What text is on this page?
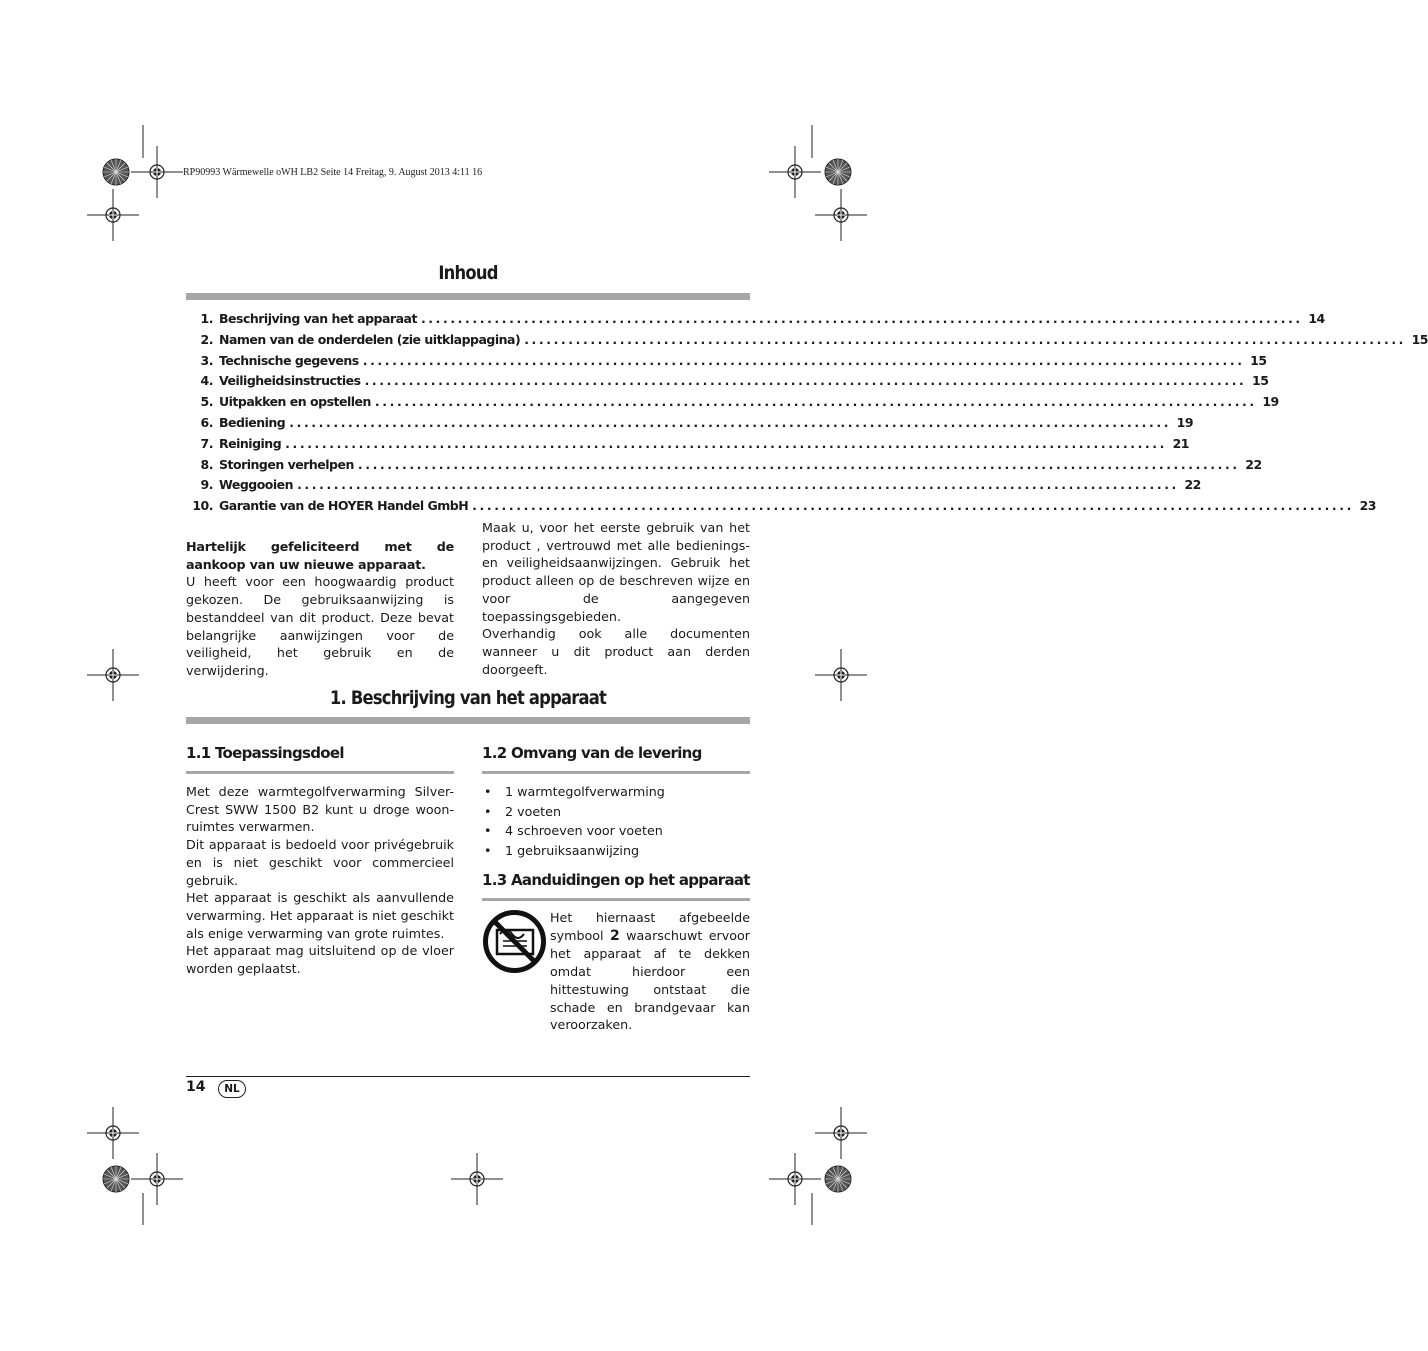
RP90993 Wärmewelle oWH LB2 Seite 14 Freitag, 9. August 2013 4:11 16
Inhoud
1. Beschrijving van het apparaat ........................................................................................................................ 14
2. Namen van de onderdelen (zie uitklappagina) ........................................................................................................................ 15
3. Technische gegevens ........................................................................................................................ 15
4. Veiligheidsinstructies ........................................................................................................................ 15
5. Uitpakken en opstellen ........................................................................................................................ 19
6. Bediening ........................................................................................................................ 19
7. Reiniging ........................................................................................................................ 21
8. Storingen verhelpen ........................................................................................................................ 22
9. Weggooien ........................................................................................................................ 22
10. Garantie van de HOYER Handel GmbH ........................................................................................................................ 23

Hartelijk gefeliciteerd met de aankoop van uw nieuwe apparaat.

U heeft voor een hoogwaardig product gekozen. De gebruiksaanwijzing is bestanddeel van dit product. Deze bevat belangrijke aanwijzingen voor de veiligheid, het gebruik en de verwijdering.

Maak u, voor het eerste gebruik van het product , vertrouwd met alle bedienings- en veiligheidsaanwijzingen. Gebruik het product alleen op de beschreven wijze en voor de aangegeven toepassingsgebieden.

Overhandig ook alle documenten wanneer u dit product aan derden doorgeeft.

1. Beschrijving van het apparaat
1.1 Toepassingsdoel

Met deze warmtegolfverwarming Silver-Crest SWW 1500 B2 kunt u droge woon-ruimtes verwarmen.

Dit apparaat is bedoeld voor privégebruik en is niet geschikt voor commercieel gebruik.

Het apparaat is geschikt als aanvullende verwarming. Het apparaat is niet geschikt als enige verwarming van grote ruimtes.

Het apparaat mag uitsluitend op de vloer worden geplaatst.

1.2 Omvang van de levering
• 1 warmtegolfverwarming
• 2 voeten
• 4 schroeven voor voeten
• 1 gebruiksaanwijzing
1.3 Aanduidingen op het apparaat

Het hiernaast afgebeelde symbool 2 waarschuwt ervoor het apparaat af te dekken omdat hierdoor een hittestuwing ontstaat die schade en brandgevaar kan veroorzaken.

14	NL
